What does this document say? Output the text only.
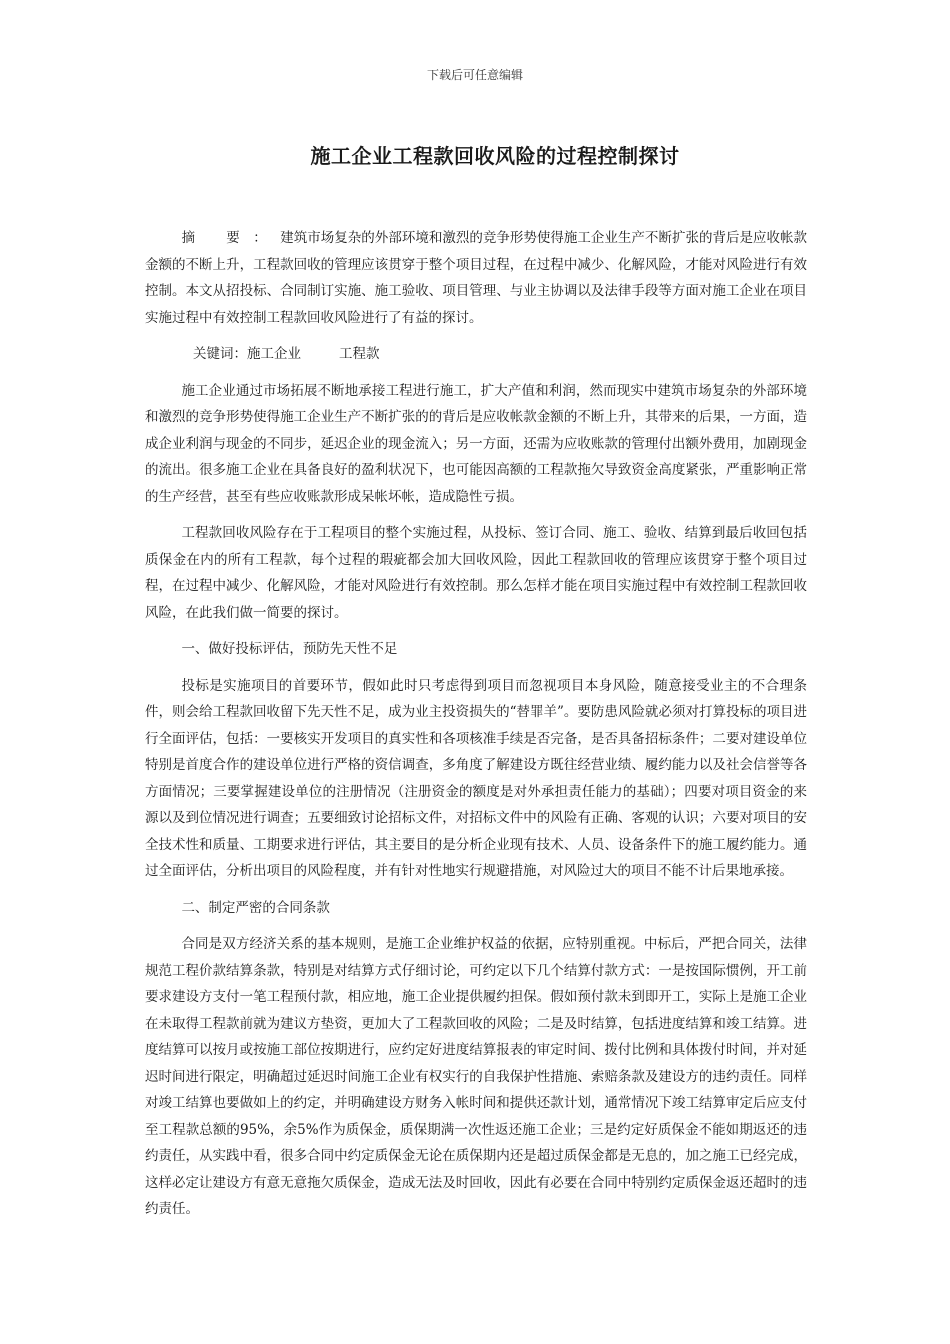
下载后可任意编辑
施工企业工程款回收风险的过程控制探讨

摘 要：建筑市场复杂的外部环境和激烈的竞争形势使得施工企业生产不断扩张的背后是应收帐款金额的不断上升，工程款回收的管理应该贯穿于整个项目过程，在过程中减少、化解风险，才能对风险进行有效控制。本文从招投标、合同制订实施、施工验收、项目管理、与业主协调以及法律手段等方面对施工企业在项目实施过程中有效控制工程款回收风险进行了有益的探讨。

关键词：施工企业	工程款

施工企业通过市场拓展不断地承接工程进行施工，扩大产值和利润，然而现实中建筑市场复杂的外部环境和激烈的竞争形势使得施工企业生产不断扩张的的背后是应收帐款金额的不断上升，其带来的后果，一方面，造成企业利润与现金的不同步，延迟企业的现金流入；另一方面，还需为应收账款的管理付出额外费用，加剧现金的流出。很多施工企业在具备良好的盈利状况下，也可能因高额的工程款拖欠导致资金高度紧张，严重影响正常的生产经营，甚至有些应收账款形成呆帐坏帐，造成隐性亏损。

工程款回收风险存在于工程项目的整个实施过程，从投标、签订合同、施工、验收、结算到最后收回包括质保金在内的所有工程款，每个过程的瑕疵都会加大回收风险，因此工程款回收的管理应该贯穿于整个项目过程，在过程中减少、化解风险，才能对风险进行有效控制。那么怎样才能在项目实施过程中有效控制工程款回收风险，在此我们做一简要的探讨。

一、做好投标评估，预防先天性不足

投标是实施项目的首要环节，假如此时只考虑得到项目而忽视项目本身风险，随意接受业主的不合理条件，则会给工程款回收留下先天性不足，成为业主投资损失的“替罪羊”。要防患风险就必须对打算投标的项目进行全面评估，包括：一要核实开发项目的真实性和各项核准手续是否完备，是否具备招标条件；二要对建设单位特别是首度合作的建设单位进行严格的资信调查，多角度了解建设方既往经营业绩、履约能力以及社会信誉等各方面情况；三要掌握建设单位的注册情况（注册资金的额度是对外承担责任能力的基础）；四要对项目资金的来源以及到位情况进行调查；五要细致讨论招标文件，对招标文件中的风险有正确、客观的认识；六要对项目的安全技术性和质量、工期要求进行评估，其主要目的是分析企业现有技术、人员、设备条件下的施工履约能力。通过全面评估，分析出项目的风险程度，并有针对性地实行规避措施，对风险过大的项目不能不计后果地承接。

二、制定严密的合同条款

合同是双方经济关系的基本规则，是施工企业维护权益的依据，应特别重视。中标后，严把合同关，法律规范工程价款结算条款，特别是对结算方式仔细讨论，可约定以下几个结算付款方式：一是按国际惯例，开工前要求建设方支付一笔工程预付款，相应地，施工企业提供履约担保。假如预付款未到即开工，实际上是施工企业在未取得工程款前就为建议方垫资，更加大了工程款回收的风险；二是及时结算，包括进度结算和竣工结算。进度结算可以按月或按施工部位按期进行，应约定好进度结算报表的审定时间、拨付比例和具体拨付时间，并对延迟时间进行限定，明确超过延迟时间施工企业有权实行的自我保护性措施、索赔条款及建设方的违约责任。同样对竣工结算也要做如上的约定，并明确建设方财务入帐时间和提供还款计划，通常情况下竣工结算审定后应支付至工程款总额的95%，余5%作为质保金，质保期满一次性返还施工企业；三是约定好质保金不能如期返还的违约责任，从实践中看，很多合同中约定质保金无论在质保期内还是超过质保金都是无息的，加之施工已经完成，这样必定让建设方有意无意拖欠质保金，造成无法及时回收，因此有必要在合同中特别约定质保金返还超时的违约责任。
